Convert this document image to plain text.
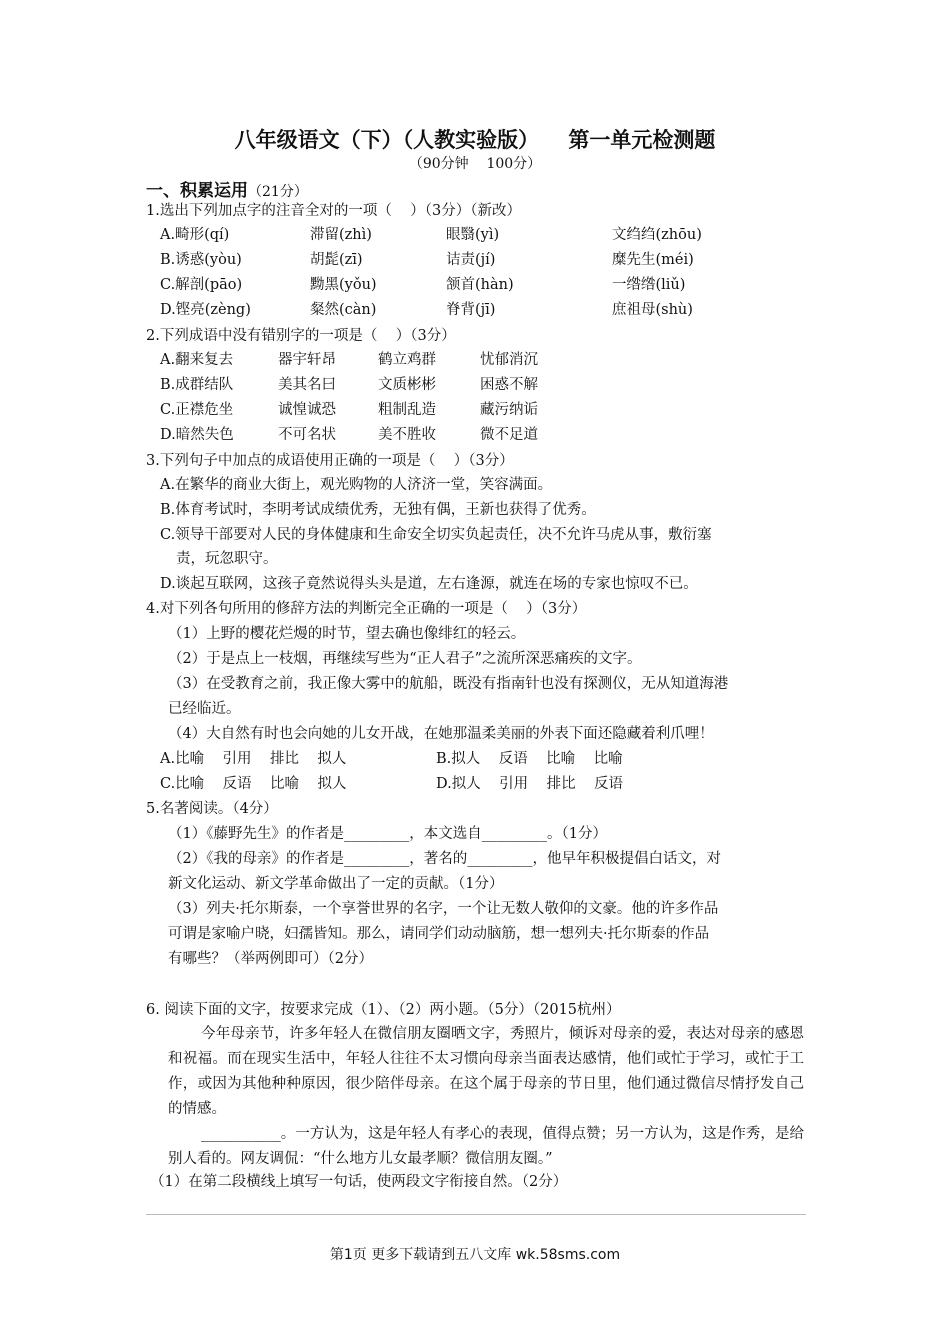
八年级语文（下）（人教实验版）    第一单元检测题
（90分钟    100分）
一、积累运用（21分）
1.选出下列加点字的注音全对的一项（    ）（3分）（新改）
A.畸形(qí)	滞留(zhì)	眼翳(yì)	文绉绉(zhōu)
B.诱惑(yòu)	胡髭(zī)	诘责(jí)	糜先生(méi)
C.解剖(pāo)	黝黑(yǒu)	颔首(hàn)	一绺绺(liǔ)
D.铿亮(zèng)	粲然(càn)	脊背(jī)	庶祖母(shù)
2.下列成语中没有错别字的一项是（    ）（3分）
A.翻来复去	器宇轩昂	鹤立鸡群	忧郁消沉
B.成群结队	美其名曰	文质彬彬	困惑不解
C.正襟危坐	诚惶诚恐	粗制乱造	藏污纳诟
D.暗然失色	不可名状	美不胜收	微不足道
3.下列句子中加点的成语使用正确的一项是（    ）（3分）
A.在繁华的商业大街上，观光购物的人济济一堂，笑容满面。
B.体育考试时，李明考试成绩优秀，无独有偶，王新也获得了优秀。
C.领导干部要对人民的身体健康和生命安全切实负起责任，决不允许马虎从事，敷衍塞
责，玩忽职守。
D.谈起互联网，这孩子竟然说得头头是道，左右逢源，就连在场的专家也惊叹不已。
4.对下列各句所用的修辞方法的判断完全正确的一项是（    ）（3分）
（1）上野的樱花烂熳的时节，望去确也像绯红的轻云。
（2）于是点上一枝烟，再继续写些为“正人君子”之流所深恶痛疾的文字。
（3）在受教育之前，我正像大雾中的航船，既没有指南针也没有探测仪，无从知道海港
已经临近。
（4）大自然有时也会向她的儿女开战，在她那温柔美丽的外表下面还隐藏着利爪哩！
A.比喻    引用    排比    拟人	B.拟人    反语    比喻    比喻
C.比喻    反语    比喻    拟人	D.拟人    引用    排比    反语
5.名著阅读。（4分）
（1）《藤野先生》的作者是_________，本文选自_________。（1分）
（2）《我的母亲》的作者是_________，著名的_________，他早年积极提倡白话文，对
新文化运动、新文学革命做出了一定的贡献。（1分）
（3）列夫·托尔斯泰，一个享誉世界的名字，一个让无数人敬仰的文豪。他的许多作品
可谓是家喻户晓，妇孺皆知。那么，请同学们动动脑筋，想一想列夫·托尔斯泰的作品
有哪些？（举两例即可）（2分）
6. 阅读下面的文字，按要求完成（1）、（2）两小题。（5分）（2015杭州）
今年母亲节，许多年轻人在微信朋友圈晒文字，秀照片，倾诉对母亲的爱，表达对母亲的感恩和祝福。而在现实生活中，年轻人往往不太习惯向母亲当面表达感情，他们或忙于学习，或忙于工作，或因为其他种种原因，很少陪伴母亲。在这个属于母亲的节日里，他们通过微信尽情抒发自己的情感。
___________。一方认为，这是年轻人有孝心的表现，值得点赞；另一方认为，这是作秀，是给别人看的。网友调侃：“什么地方儿女最孝顺？微信朋友圈。”
（1）在第二段横线上填写一句话，使两段文字衔接自然。（2分）
第1页 更多下载请到五八文库 wk.58sms.com
